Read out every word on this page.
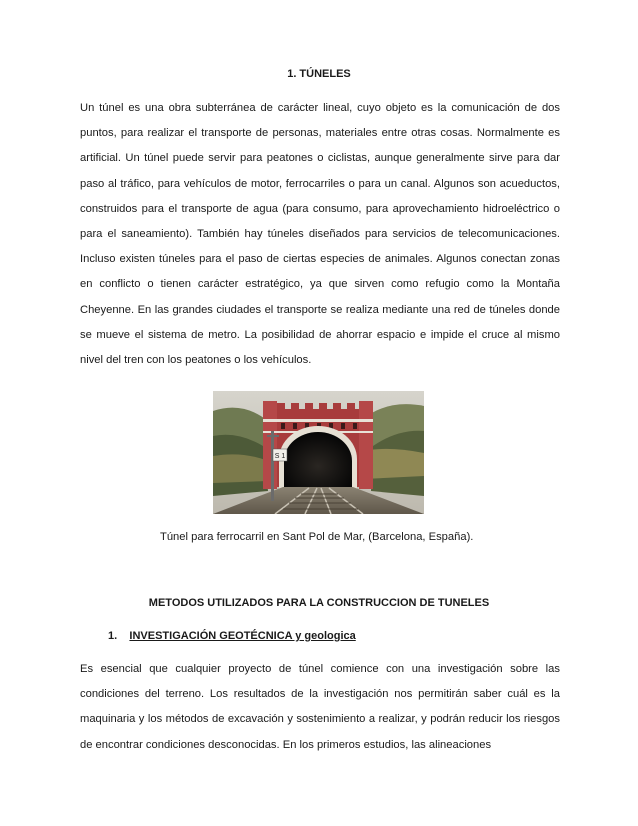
1. TÚNELES

Un túnel es una obra subterránea de carácter lineal, cuyo objeto es la comunicación de dos puntos, para realizar el transporte de personas, materiales entre otras cosas. Normalmente es artificial. Un túnel puede servir para peatones o ciclistas, aunque generalmente sirve para dar paso al tráfico, para vehículos de motor, ferrocarriles o para un canal. Algunos son acueductos, construidos para el transporte de agua (para consumo, para aprovechamiento hidroeléctrico o para el saneamiento). También hay túneles diseñados para servicios de telecomunicaciones. Incluso existen túneles para el paso de ciertas especies de animales. Algunos conectan zonas en conflicto o tienen carácter estratégico, ya que sirven como refugio como la Montaña Cheyenne. En las grandes ciudades el transporte se realiza mediante una red de túneles donde se mueve el sistema de metro. La posibilidad de ahorrar espacio e impide el cruce al mismo nivel del tren con los peatones o los vehículos.

S 1
Túnel para ferrocarril en Sant Pol de Mar, (Barcelona, España).
METODOS UTILIZADOS PARA LA CONSTRUCCION DE TUNELES
1. INVESTIGACIÓN GEOTÉCNICA y geologica

Es esencial que cualquier proyecto de túnel comience con una investigación sobre las condiciones del terreno. Los resultados de la investigación nos permitirán saber cuál es la maquinaria y los métodos de excavación y sostenimiento a realizar, y podrán reducir los riesgos de encontrar condiciones desconocidas. En los primeros estudios, las alineaciones
